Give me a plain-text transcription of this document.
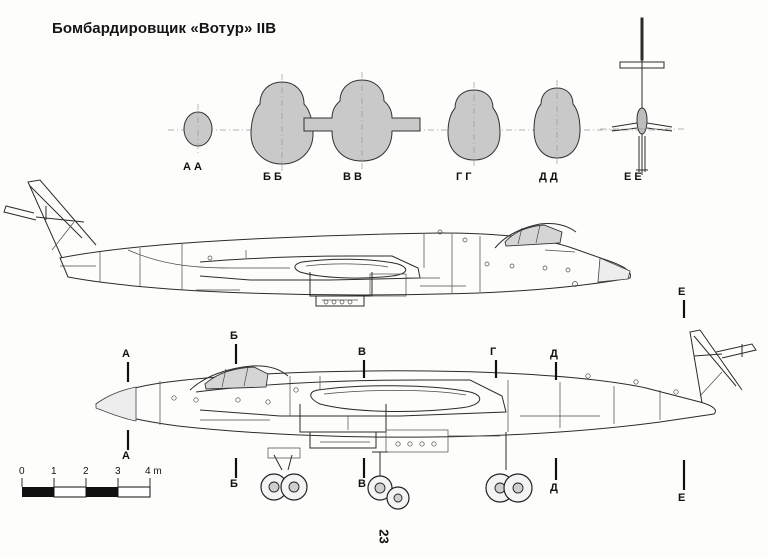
Бомбардировщик «Вотур» IIB
А А
Б Б	В В	Г Г	Д Д	Е Е
А
Б
В	Г	Д
Е
А
Б	В	Д
Е
0	1	2	3 4 m
23
